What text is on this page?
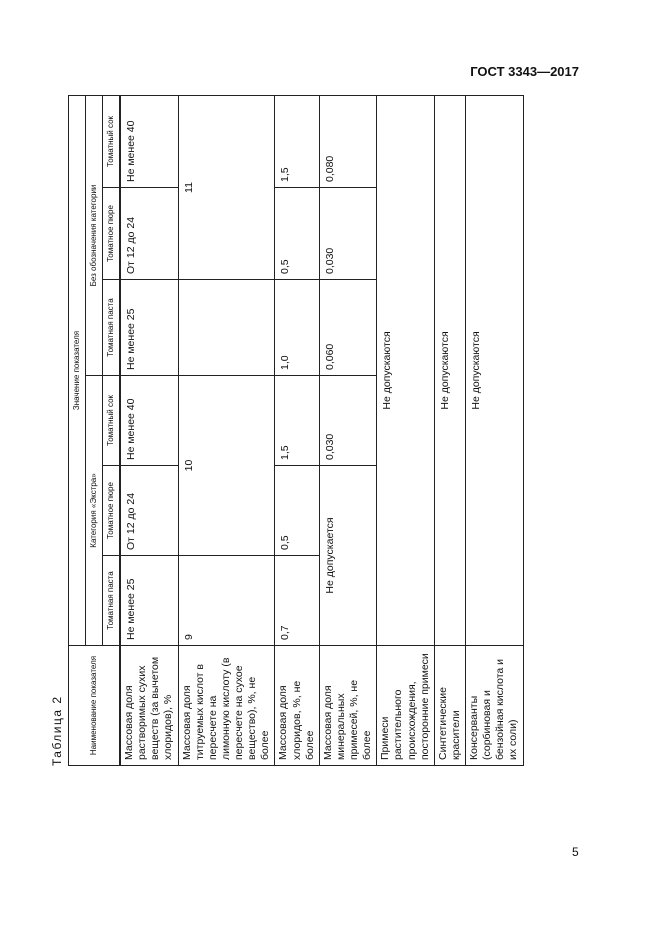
ГОСТ 3343—2017
Таблица 2	Наименование показателя	Значение показателя					
	Категория «Экстра»			Без обозначения категории		
	Томатная паста	Томатное пюре	Томатный сок	Томатная паста	Томатное пюре	Томатный сок
Массовая доля растворимых сухих веществ (за вычетом хлоридов), %	Не менее 25	От 12 до 24	Не менее 40	Не менее 25	От 12 до 24	Не менее 40
Массовая доля титруемых кислот в пересчете на лимонную кислоту (в пересчете на сухое вещество), %, не более	9	10			11	
Массовая доля хлоридов, %, не более	0,7	0,5	1,5	1,0	0,5	1,5
Массовая доля минеральных примесей, %, не более	Не допускается		0,030	0,060	0,030	0,080
Примеси растительного происхождения, посторонние примеси	Не допускаются					
Синтетические красители	Не допускаются					
Консерванты (сорбиновая и бензойная кислота и их соли)	Не допускаются					
5
